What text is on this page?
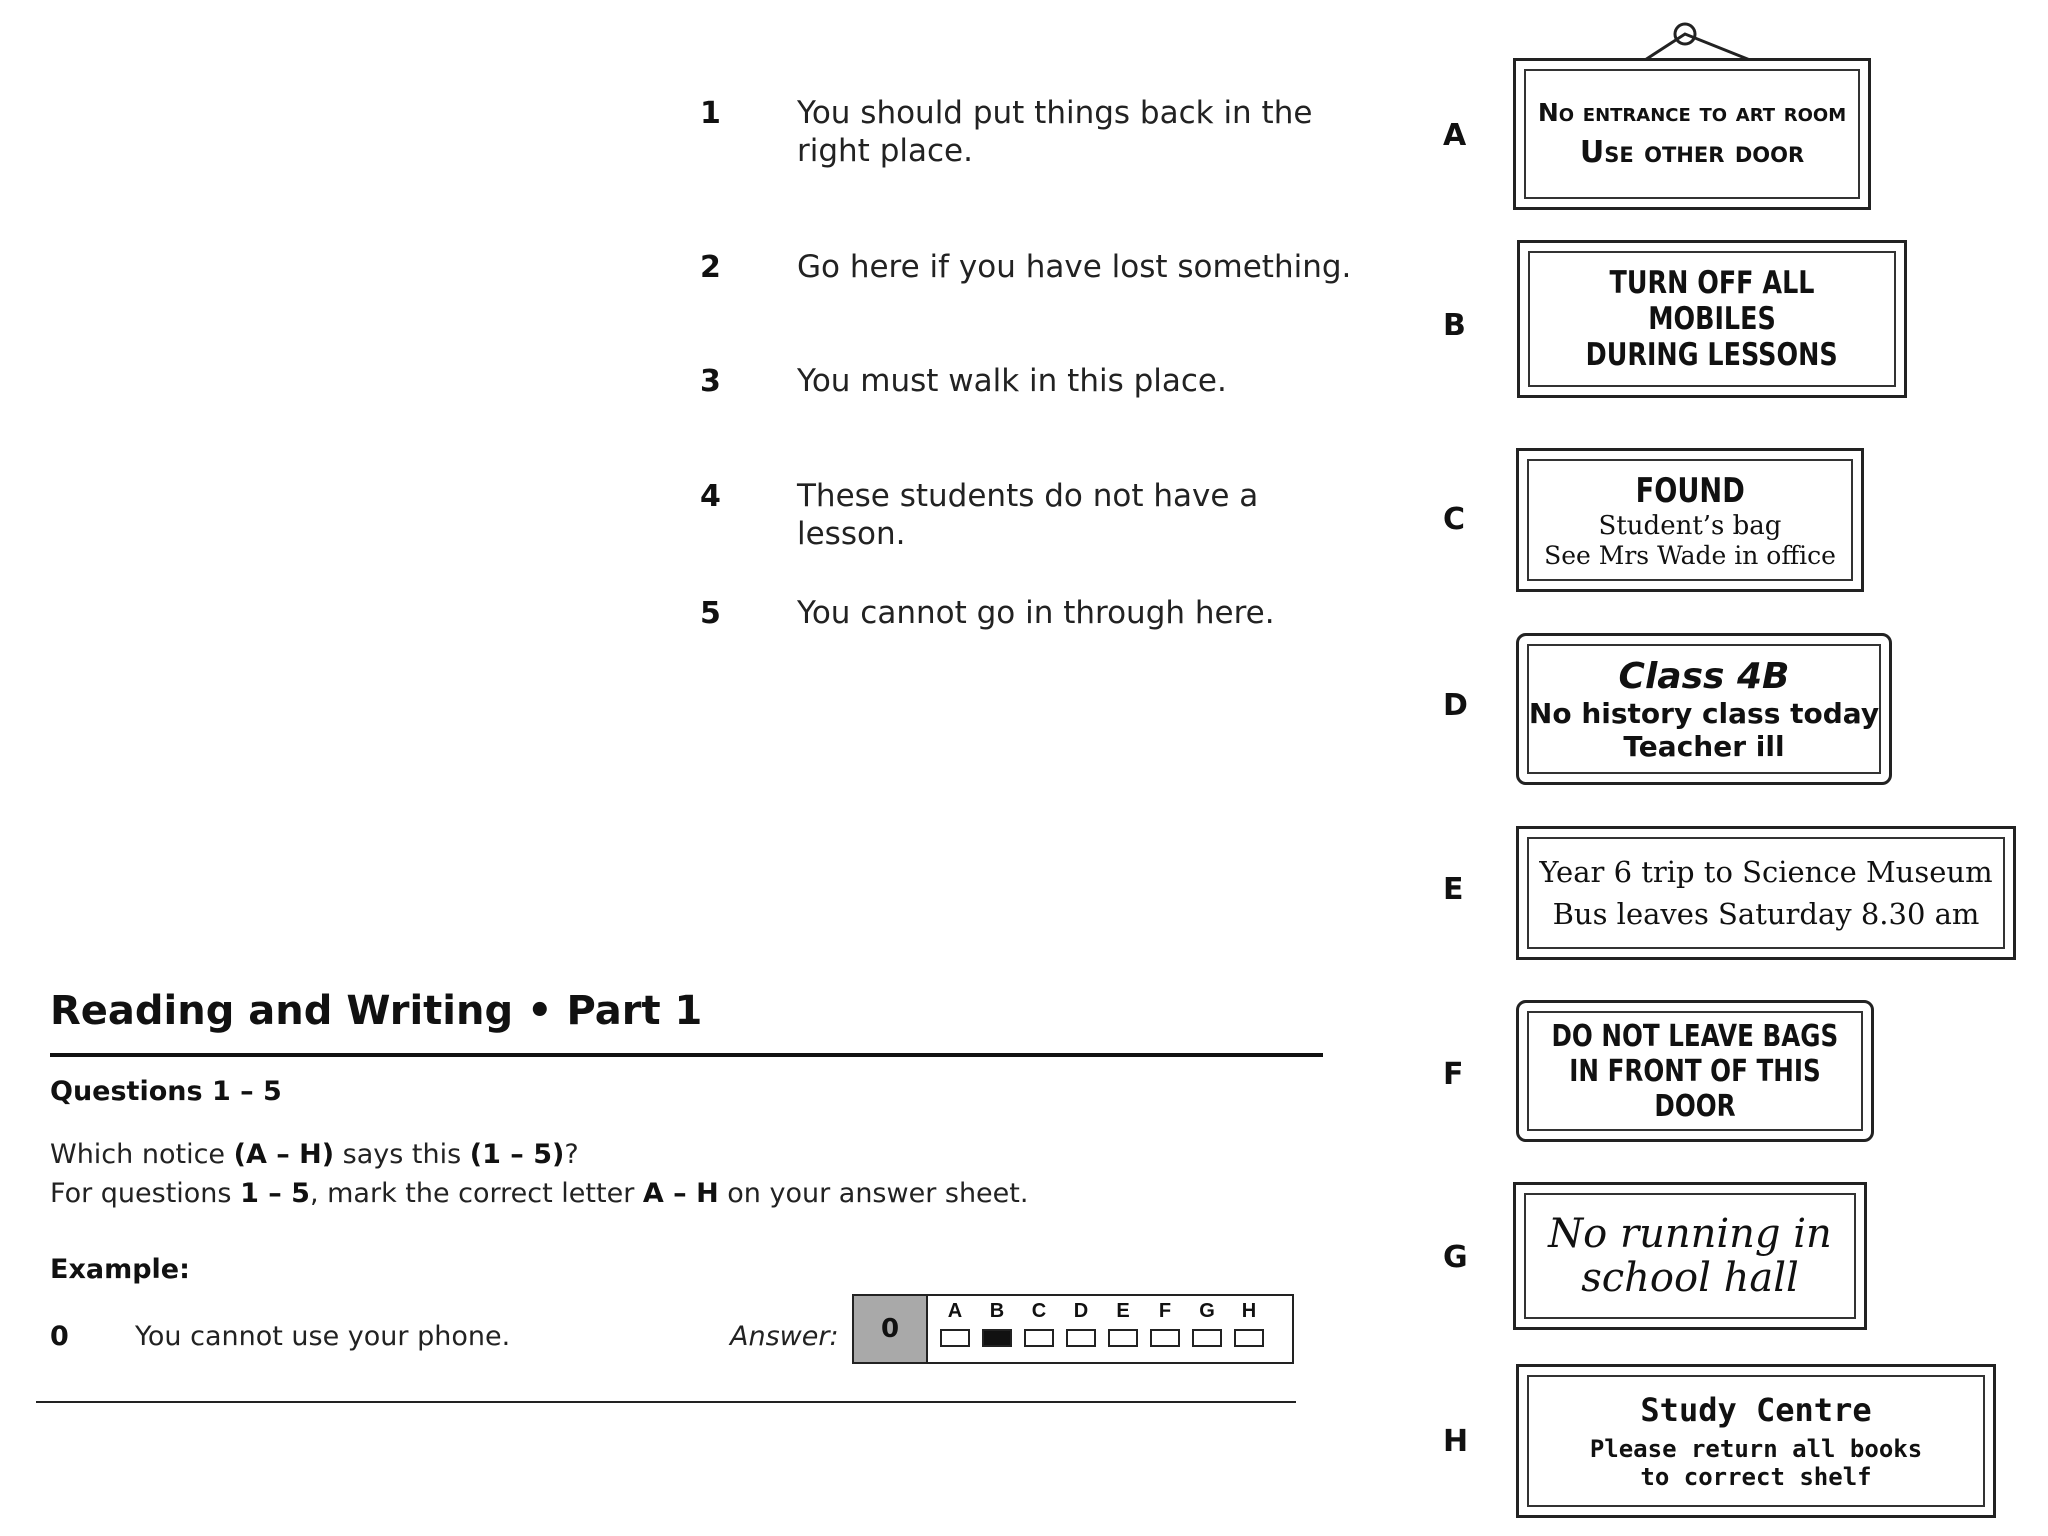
1 You should put things back in the right place.
2 Go here if you have lost something.
3 You must walk in this place.
4 These students do not have a lesson.
5 You cannot go in through here.
A
No entrance to art room
Use other door
B
TURN OFF ALL MOBILES
DURING LESSONS
C
FOUND
Student’s bag
See Mrs Wade in office
D
Class 4B
No history class today
Teacher ill
E	Year 6 trip to Science Museum
Bus leaves Saturday 8.30 am
F
DO NOT LEAVE BAGS
IN FRONT OF THIS DOOR
G
No running in
school hall
H
Study Centre
Please return all books
to correct shelf
Reading and Writing • Part 1
Questions 1 – 5
Which notice (A – H) says this (1 – 5)?
For questions 1 – 5, mark the correct letter A – H on your answer sheet.
Example:
0 You cannot use your phone.	Answer:	0
A	B	C	D	E	F	G	H
